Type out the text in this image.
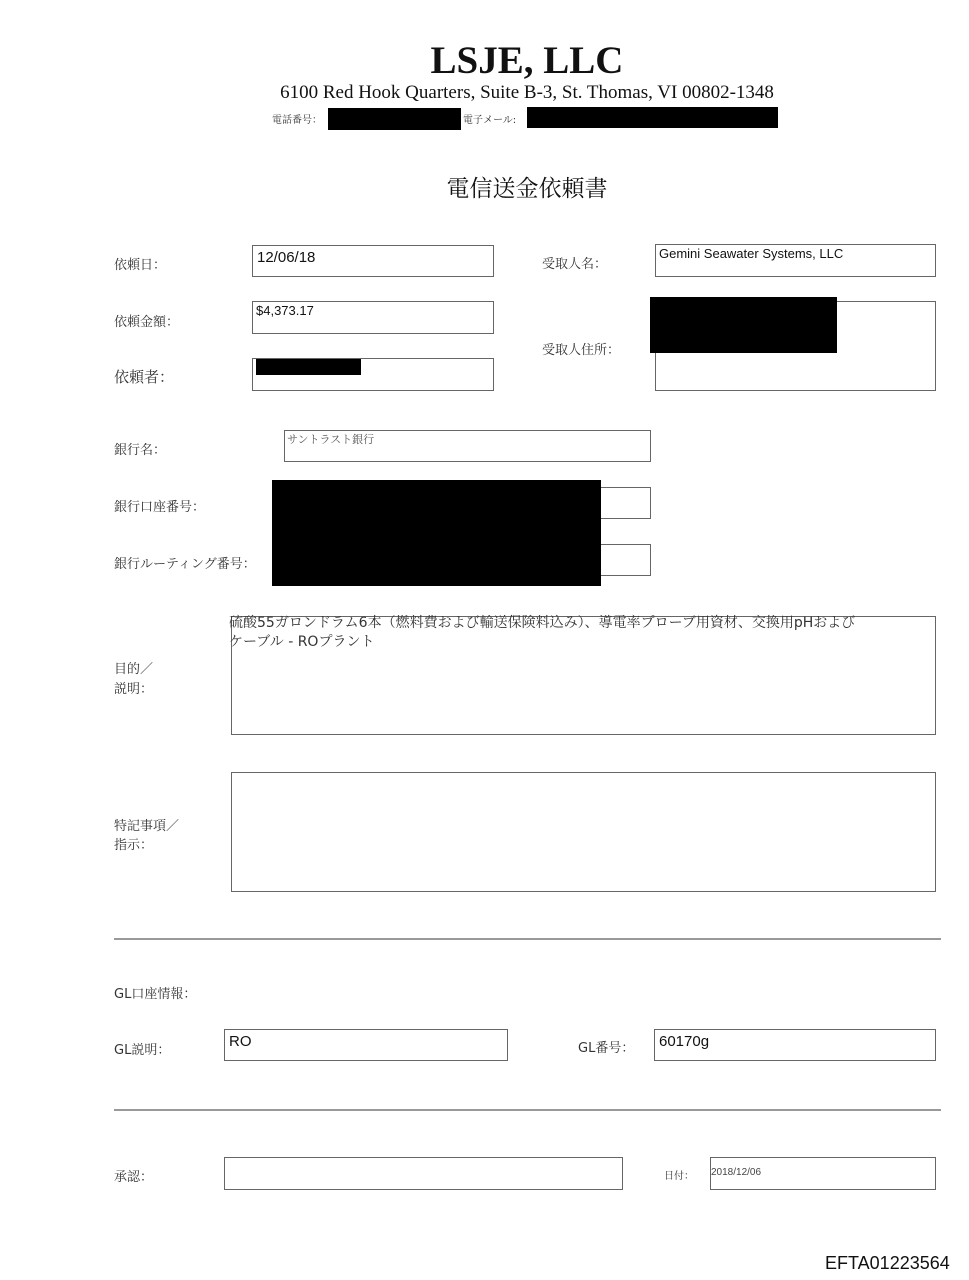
LSJE, LLC
6100 Red Hook Quarters, Suite B-3, St. Thomas, VI 00802-1348
電話番号：	電子メール:
電信送金依頼書
依頼日：	12/06/18	受取人名：
Gemini Seawater Systems, LLC
依頼金額：
$4,373.17
受取人住所：
依頼者：
銀行名：
サントラスト銀行
銀行口座番号：
銀行ルーティング番号：
目的／
説明：
硫酸55ガロンドラム6本（燃料費および輸送保険料込み）、導電率プローブ用資材、交換用pHおよび
ケーブル - ROプラント
特記事項／
指示：
GL口座情報：
GL説明：
RO	GL番号： 60170g
承認：	日付： 2018/12/06
EFTA01223564
